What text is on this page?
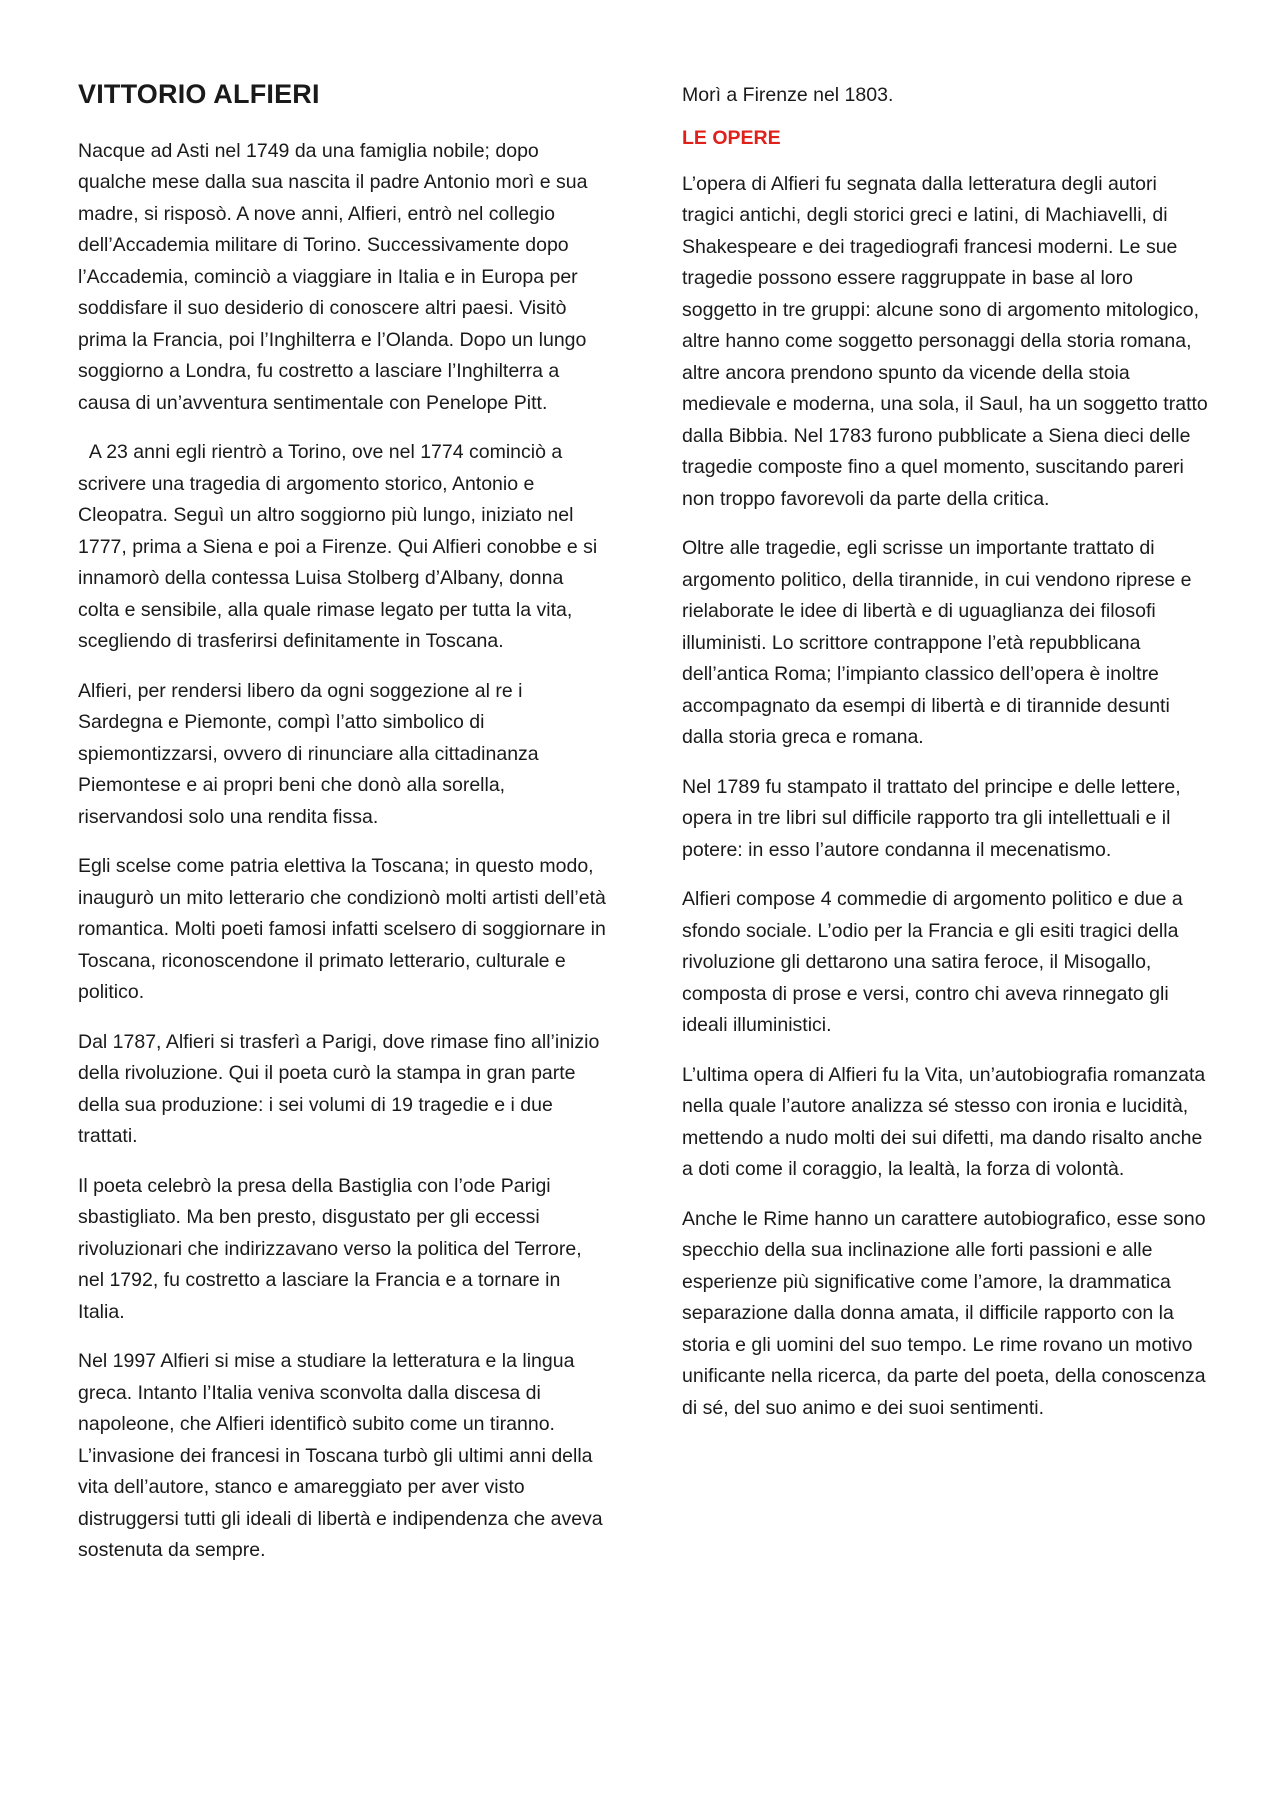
VITTORIO ALFIERI

Nacque ad Asti nel 1749 da una famiglia nobile; dopo qualche mese dalla sua nascita il padre Antonio morì e sua madre, si risposò. A nove anni, Alfieri, entrò nel collegio dell’Accademia militare di Torino. Successivamente dopo l’Accademia, cominciò a viaggiare in Italia e in Europa per soddisfare il suo desiderio di conoscere altri paesi. Visitò prima la Francia, poi l’Inghilterra e l’Olanda. Dopo un lungo soggiorno a Londra, fu costretto a lasciare l’Inghilterra a causa di un’avventura sentimentale con Penelope Pitt.

A 23 anni egli rientrò a Torino, ove nel 1774 cominciò a scrivere una tragedia di argomento storico, Antonio e Cleopatra. Seguì un altro soggiorno più lungo, iniziato nel 1777, prima a Siena e poi a Firenze. Qui Alfieri conobbe e si innamorò della contessa Luisa Stolberg d’Albany, donna colta e sensibile, alla quale rimase legato per tutta la vita, scegliendo di trasferirsi definitamente in Toscana.

Alfieri, per rendersi libero da ogni soggezione al re i Sardegna e Piemonte, compì l’atto simbolico di spiemontizzarsi, ovvero di rinunciare alla cittadinanza Piemontese e ai propri beni che donò alla sorella, riservandosi solo una rendita fissa.

Egli scelse come patria elettiva la Toscana; in questo modo, inaugurò un mito letterario che condizionò molti artisti dell’età romantica. Molti poeti famosi infatti scelsero di soggiornare in Toscana, riconoscendone il primato letterario, culturale e politico.

Dal 1787, Alfieri si trasferì a Parigi, dove rimase fino all’inizio della rivoluzione. Qui il poeta curò la stampa in gran parte della sua produzione: i sei volumi di 19 tragedie e i due trattati.

Il poeta celebrò la presa della Bastiglia con l’ode Parigi sbastigliato. Ma ben presto, disgustato per gli eccessi rivoluzionari che indirizzavano verso la politica del Terrore, nel 1792, fu costretto a lasciare la Francia e a tornare in Italia.

Nel 1997 Alfieri si mise a studiare la letteratura e la lingua greca. Intanto l’Italia veniva sconvolta dalla discesa di napoleone, che Alfieri identificò subito come un tiranno. L’invasione dei francesi in Toscana turbò gli ultimi anni della vita dell’autore, stanco e amareggiato per aver visto distruggersi tutti gli ideali di libertà e indipendenza che aveva sostenuta da sempre.

Morì a Firenze nel 1803.

LE OPERE

L’opera di Alfieri fu segnata dalla letteratura degli autori tragici antichi, degli storici greci e latini, di Machiavelli, di Shakespeare e dei tragediografi francesi moderni. Le sue tragedie possono essere raggruppate in base al loro soggetto in tre gruppi: alcune sono di argomento mitologico, altre hanno come soggetto personaggi della storia romana, altre ancora prendono spunto da vicende della stoia medievale e moderna, una sola, il Saul, ha un soggetto tratto dalla Bibbia. Nel 1783 furono pubblicate a Siena dieci delle tragedie composte fino a quel momento, suscitando pareri non troppo favorevoli da parte della critica.

Oltre alle tragedie, egli scrisse un importante trattato di argomento politico, della tirannide, in cui vendono riprese e rielaborate le idee di libertà e di uguaglianza dei filosofi illuministi. Lo scrittore contrappone l’età repubblicana dell’antica Roma; l’impianto classico dell’opera è inoltre accompagnato da esempi di libertà e di tirannide desunti dalla storia greca e romana.

Nel 1789 fu stampato il trattato del principe e delle lettere, opera in tre libri sul difficile rapporto tra gli intellettuali e il potere: in esso l’autore condanna il mecenatismo.

Alfieri compose 4 commedie di argomento politico e due a sfondo sociale. L’odio per la Francia e gli esiti tragici della rivoluzione gli dettarono una satira feroce, il Misogallo, composta di prose e versi, contro chi aveva rinnegato gli ideali illuministici.

L’ultima opera di Alfieri fu la Vita, un’autobiografia romanzata nella quale l’autore analizza sé stesso con ironia e lucidità, mettendo a nudo molti dei sui difetti, ma dando risalto anche a doti come il coraggio, la lealtà, la forza di volontà.

Anche le Rime hanno un carattere autobiografico, esse sono specchio della sua inclinazione alle forti passioni e alle esperienze più significative come l’amore, la drammatica separazione dalla donna amata, il difficile rapporto con la storia e gli uomini del suo tempo. Le rime rovano un motivo unificante nella ricerca, da parte del poeta, della conoscenza di sé, del suo animo e dei suoi sentimenti.
